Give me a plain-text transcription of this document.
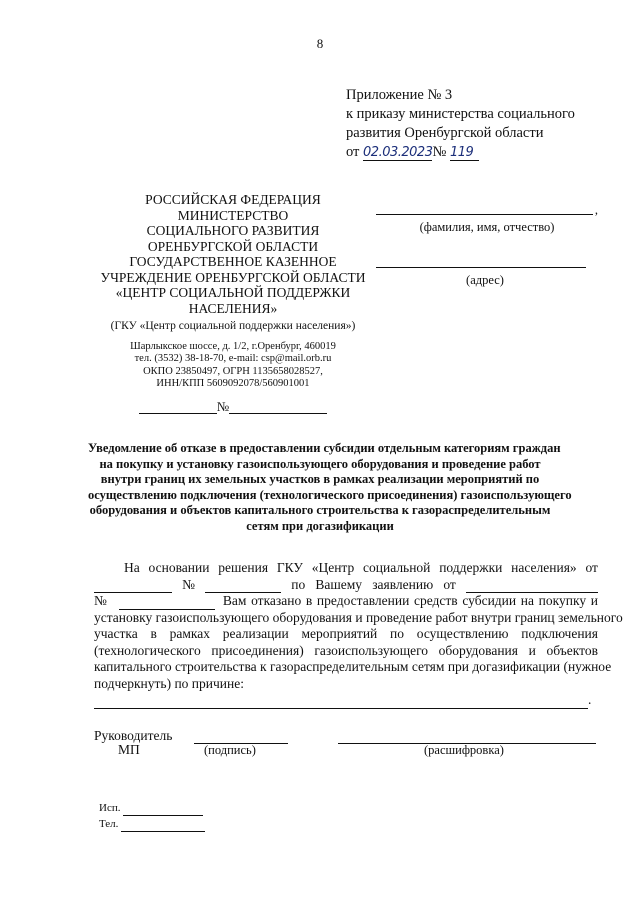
8
Приложение № 3
к приказу министерства социального
развития Оренбургской области
от 02.03.2023№ 119
РОССИЙСКАЯ ФЕДЕРАЦИЯ
МИНИСТЕРСТВО
СОЦИАЛЬНОГО РАЗВИТИЯ
ОРЕНБУРГСКОЙ ОБЛАСТИ
ГОСУДАРСТВЕННОЕ КАЗЕННОЕ
УЧРЕЖДЕНИЕ ОРЕНБУРГСКОЙ ОБЛАСТИ
«ЦЕНТР СОЦИАЛЬНОЙ ПОДДЕРЖКИ
НАСЕЛЕНИЯ»
(ГКУ «Центр социальной поддержки населения»)
Шарлыкское шоссе, д. 1/2, г.Оренбург, 460019
тел. (3532) 38-18-70, e-mail: csp@mail.orb.ru
ОКПО 23850497, ОГРН 1135658028527,
ИНН/КПП 5609092078/560901001
№
,
(фамилия, имя, отчество)
(адрес)
Уведомление об отказе в предоставлении субсидии отдельным категориям граждан
на покупку и установку газоиспользующего оборудования и проведение работ
внутри границ их земельных участков в рамках реализации мероприятий по
осуществлению подключения (технологического присоединения) газоиспользующего
оборудования и объектов капитального строительства к газораспределительным
сетям при догазификации
На основании решения ГКУ «Центр социальной поддержки населения» от
№	по Вашему заявлению от
№	Вам отказано в предоставлении средств субсидии на покупку и
установку газоиспользующего оборудования и проведение работ внутри границ земельного
участка в рамках реализации мероприятий по осуществлению подключения
(технологического присоединения) газоиспользующего оборудования и объектов
капитального строительства к газораспределительным сетям при догазификации (нужное
подчеркнуть) по причине:
.
Руководитель
МП	(подпись)	(расшифровка)
Исп.
Тел.
